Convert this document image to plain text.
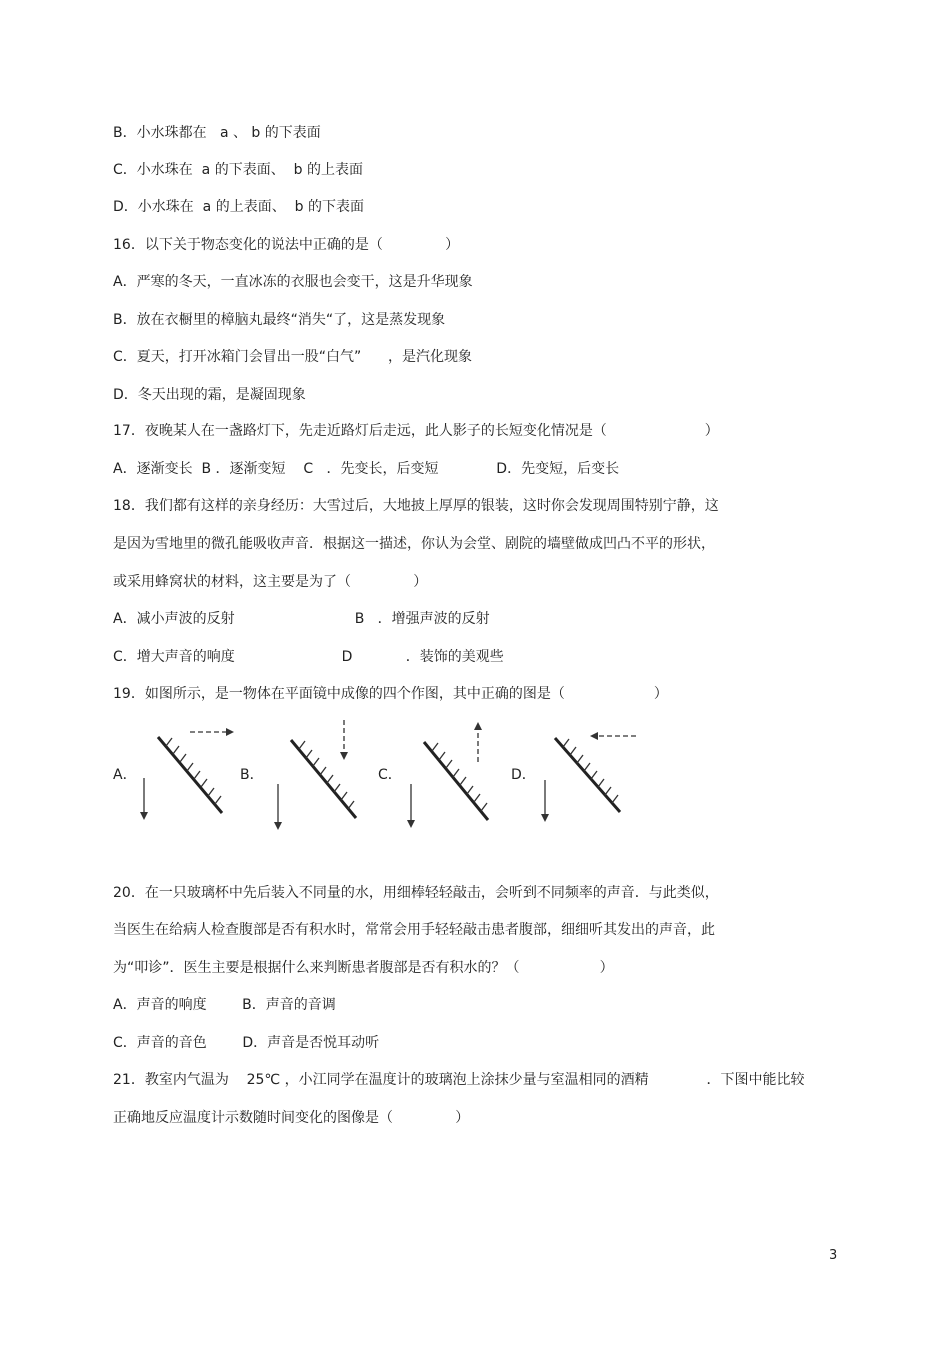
B．小水珠都在   a 、 b 的下表面
C．小水珠在  a 的下表面、  b 的上表面
D．小水珠在  a 的上表面、  b 的下表面
16．以下关于物态变化的说法中正确的是（              ）
A．严寒的冬天，一直冰冻的衣服也会变干，这是升华现象
B．放在衣橱里的樟脑丸最终“消失“了，这是蒸发现象
C．夏天，打开冰箱门会冒出一股“白气”      ，是汽化现象
D．冬天出现的霜，是凝固现象
17．夜晚某人在一盏路灯下，先走近路灯后走远，此人影子的长短变化情况是（                      ）
A．逐渐变长  B ．逐渐变短    C   ．先变长，后变短             D．先变短，后变长
18．我们都有这样的亲身经历：大雪过后，大地披上厚厚的银装，这时你会发现周围特别宁静，这
是因为雪地里的微孔能吸收声音．根据这一描述，你认为会堂、剧院的墙壁做成凹凸不平的形状，
或采用蜂窝状的材料，这主要是为了（              ）
A．减小声波的反射                           B   ．增强声波的反射
C．增大声音的响度                        D            ．装饰的美观些
19．如图所示，是一物体在平面镜中成像的四个作图，其中正确的图是（                    ）
A．	B．	C．	D．
20．在一只玻璃杯中先后装入不同量的水，用细棒轻轻敲击，会听到不同频率的声音．与此类似，
当医生在给病人检查腹部是否有积水时，常常会用手轻轻敲击患者腹部，细细听其发出的声音，此
为“叩诊”．医生主要是根据什么来判断患者腹部是否有积水的？（                  ）
A．声音的响度        B．声音的音调
C．声音的音色        D．声音是否悦耳动听
21．教室内气温为    25℃ ，小江同学在温度计的玻璃泡上涂抹少量与室温相同的酒精             ．下图中能比较
正确地反应温度计示数随时间变化的图像是（              ）
3
